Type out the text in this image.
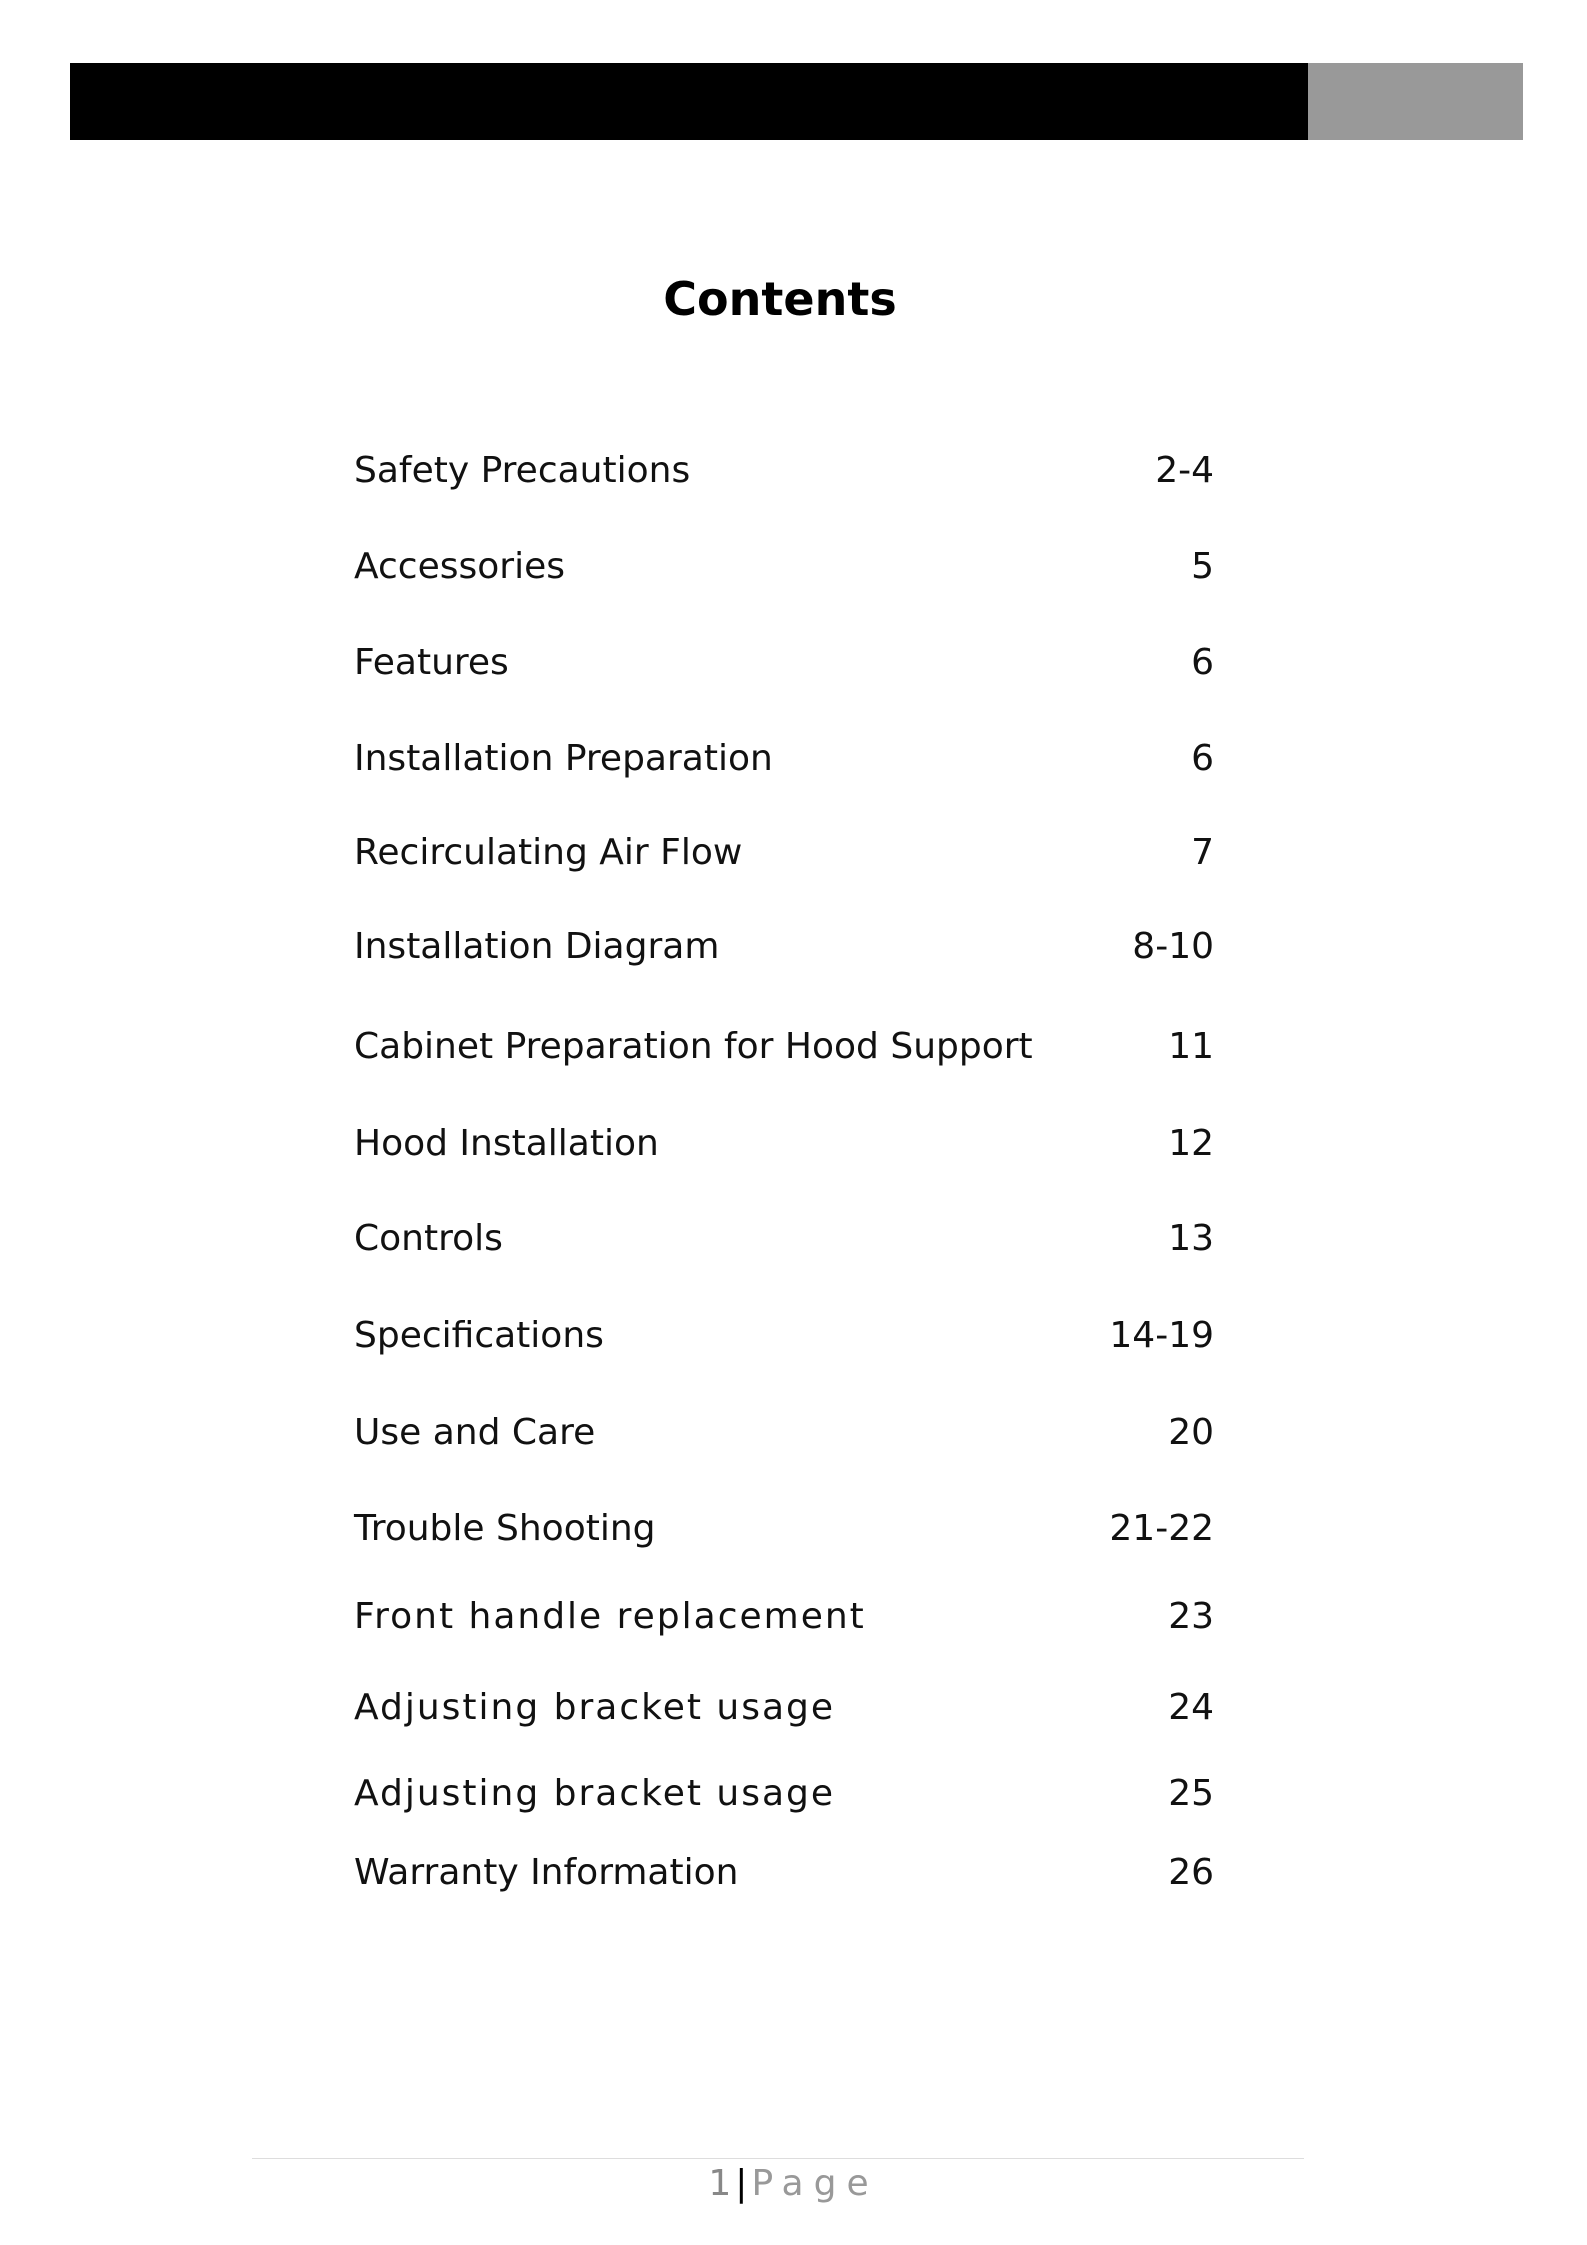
Contents
Safety Precautions	2-4
Accessories	5
Features	6
Installation Preparation	6
Recirculating Air Flow	7
Installation Diagram	8-10
Cabinet Preparation for Hood Support	11
Hood Installation	12
Controls	13
Specifications	14-19
Use and Care	20
Trouble Shooting	21-22
Front handle replacement	23
Adjusting bracket usage	24
Adjusting bracket usage	25
Warranty Information	26
1 | Page
